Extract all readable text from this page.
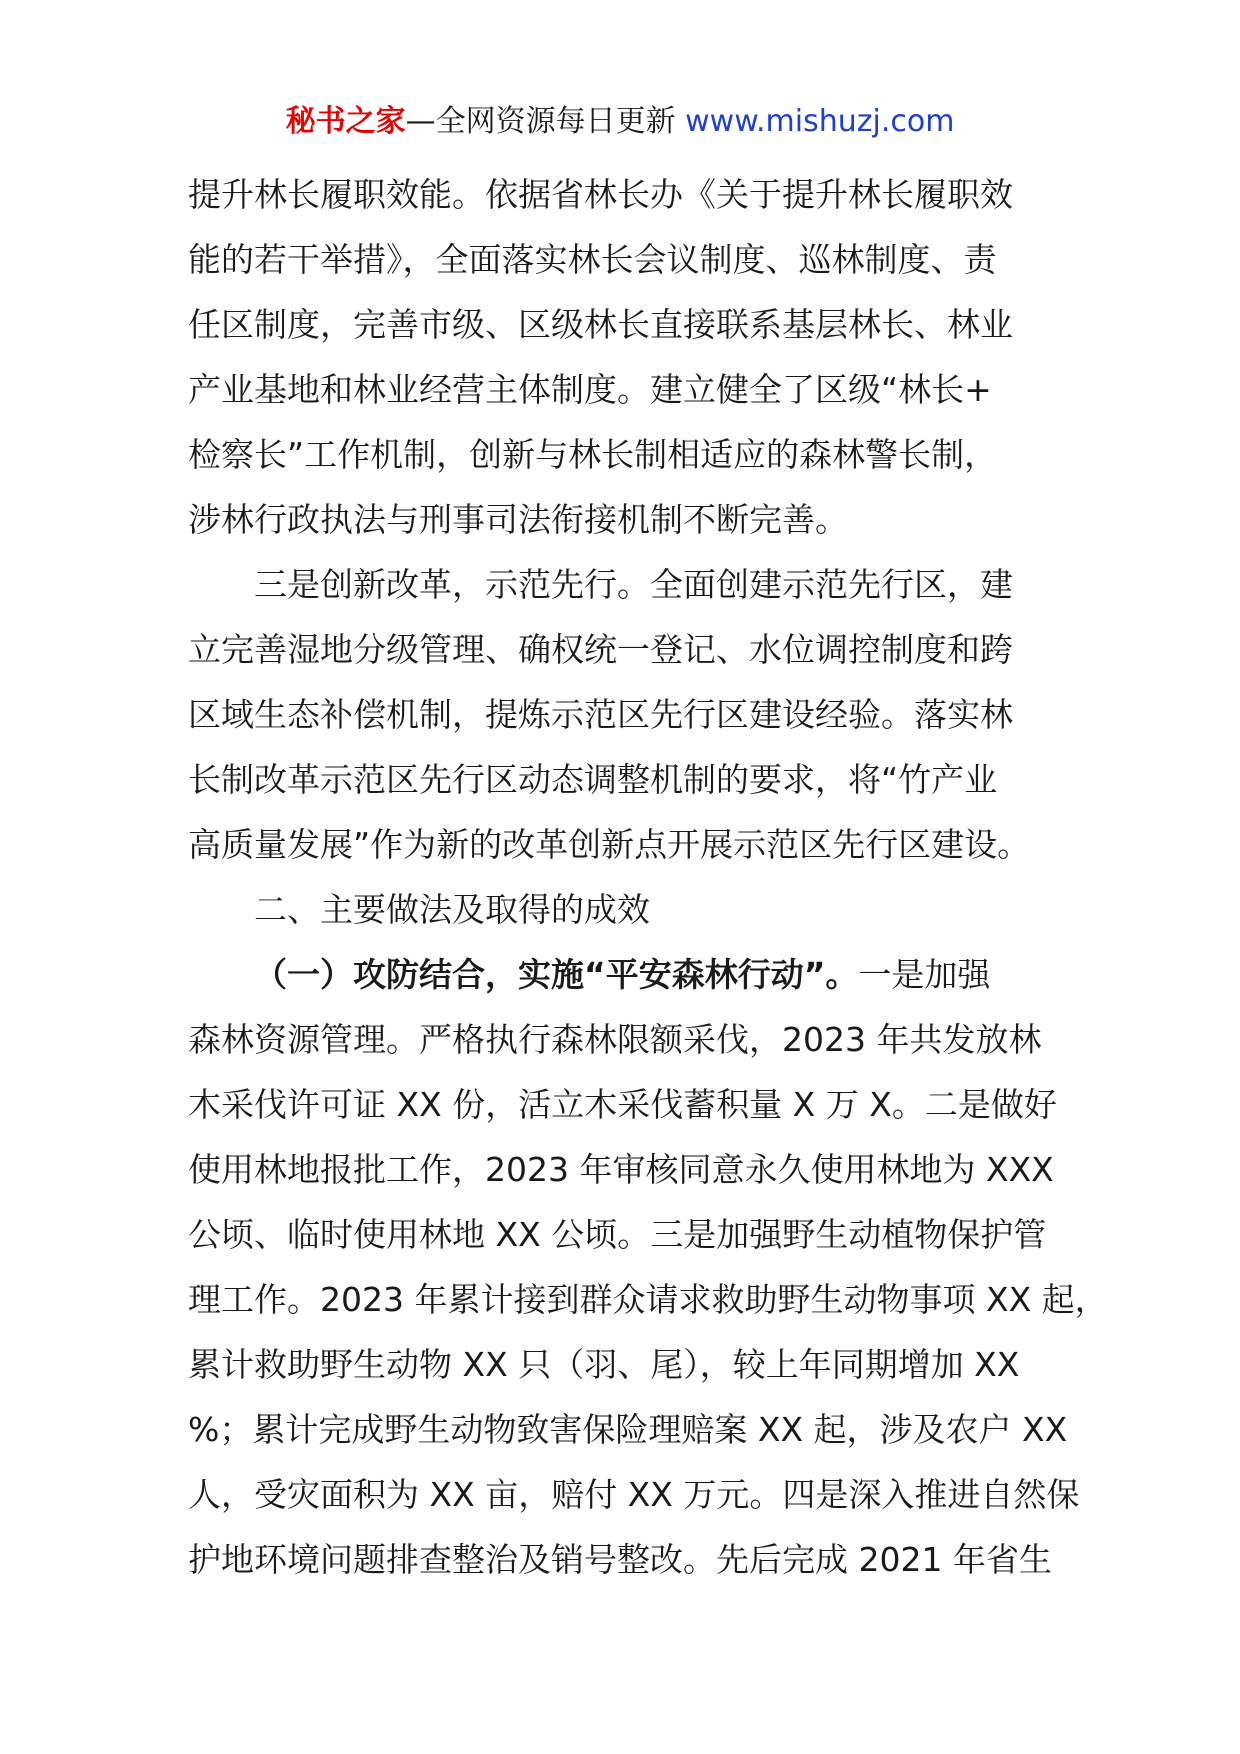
秘书之家—全网资源每日更新 www.mishuzj.com
提升林长履职效能。依据省林长办《关于提升林长履职效
能的若干举措》，全面落实林长会议制度、巡林制度、责
任区制度，完善市级、区级林长直接联系基层林长、林业
产业基地和林业经营主体制度。建立健全了区级“林长+
检察长”工作机制，创新与林长制相适应的森林警长制，
涉林行政执法与刑事司法衔接机制不断完善。
三是创新改革，示范先行。全面创建示范先行区，建
立完善湿地分级管理、确权统一登记、水位调控制度和跨
区域生态补偿机制，提炼示范区先行区建设经验。落实林
长制改革示范区先行区动态调整机制的要求，将“竹产业
高质量发展”作为新的改革创新点开展示范区先行区建设。
二、主要做法及取得的成效
（一）攻防结合，实施“平安森林行动”。一是加强
森林资源管理。严格执行森林限额采伐，2023 年共发放林
木采伐许可证 XX 份，活立木采伐蓄积量 X 万 X。二是做好
使用林地报批工作，2023 年审核同意永久使用林地为 XXX
公顷、临时使用林地 XX 公顷。三是加强野生动植物保护管
理工作。2023 年累计接到群众请求救助野生动物事项 XX 起，
累计救助野生动物 XX 只（羽、尾），较上年同期增加 XX
%；累计完成野生动物致害保险理赔案 XX 起，涉及农户 XX
人，受灾面积为 XX 亩，赔付 XX 万元。四是深入推进自然保
护地环境问题排查整治及销号整改。先后完成 2021 年省生
